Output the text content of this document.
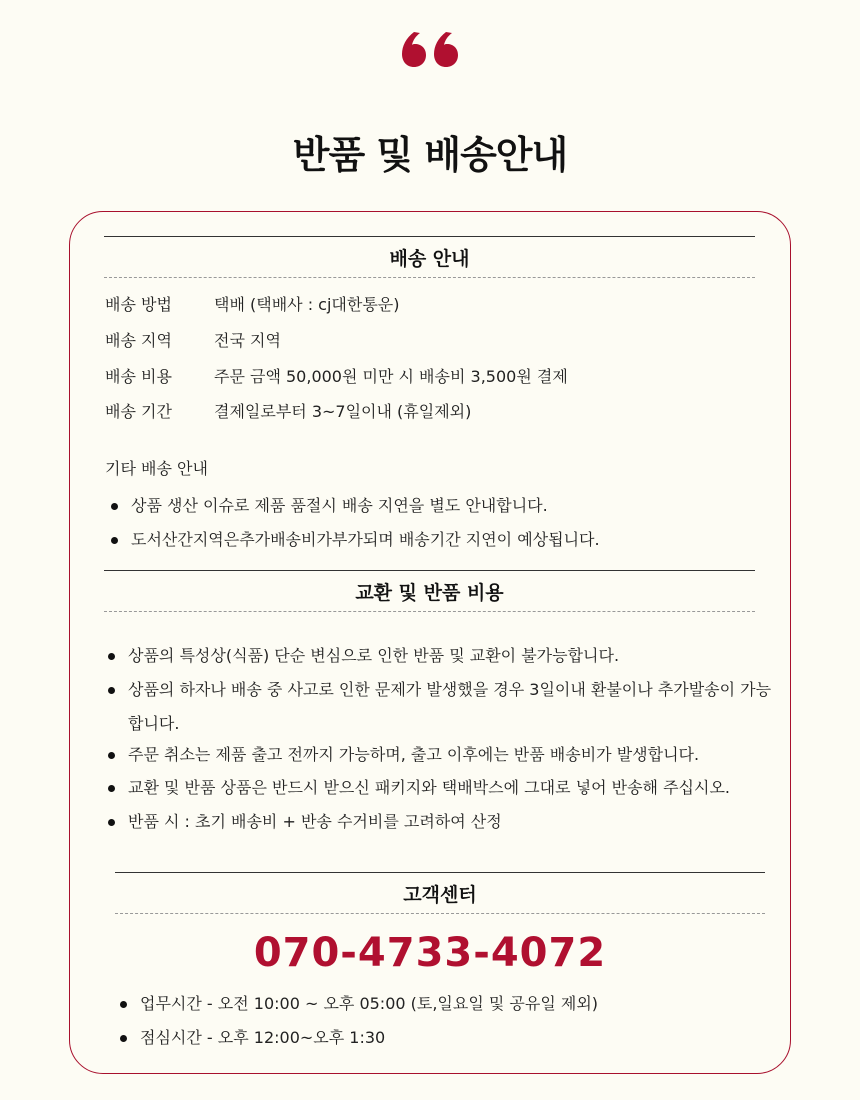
반품 및 배송안내
배송 안내
배송 방법	택배 (택배사 : cj대한통운)
배송 지역	전국 지역
배송 비용	주문 금액 50,000원 미만 시 배송비 3,500원 결제
배송 기간	결제일로부터 3~7일이내 (휴일제외)
기타 배송 안내
상품 생산 이슈로 제품 품절시 배송 지연을 별도 안내합니다.
도서산간지역은추가배송비가부가되며 배송기간 지연이 예상됩니다.
교환 및 반품 비용
상품의 특성상(식품) 단순 변심으로 인한 반품 및 교환이 불가능합니다.
상품의 하자나 배송 중 사고로 인한 문제가 발생했을 경우 3일이내 환불이나 추가발송이 가능합니다.
주문 취소는 제품 출고 전까지 가능하며, 출고 이후에는 반품 배송비가 발생합니다.
교환 및 반품 상품은 반드시 받으신 패키지와 택배박스에 그대로 넣어 반송해 주십시오.
반품 시 : 초기 배송비 + 반송 수거비를 고려하여 산정
고객센터
070-4733-4072
업무시간 - 오전 10:00 ~ 오후 05:00 (토,일요일 및 공유일 제외)
점심시간 - 오후 12:00~오후 1:30
